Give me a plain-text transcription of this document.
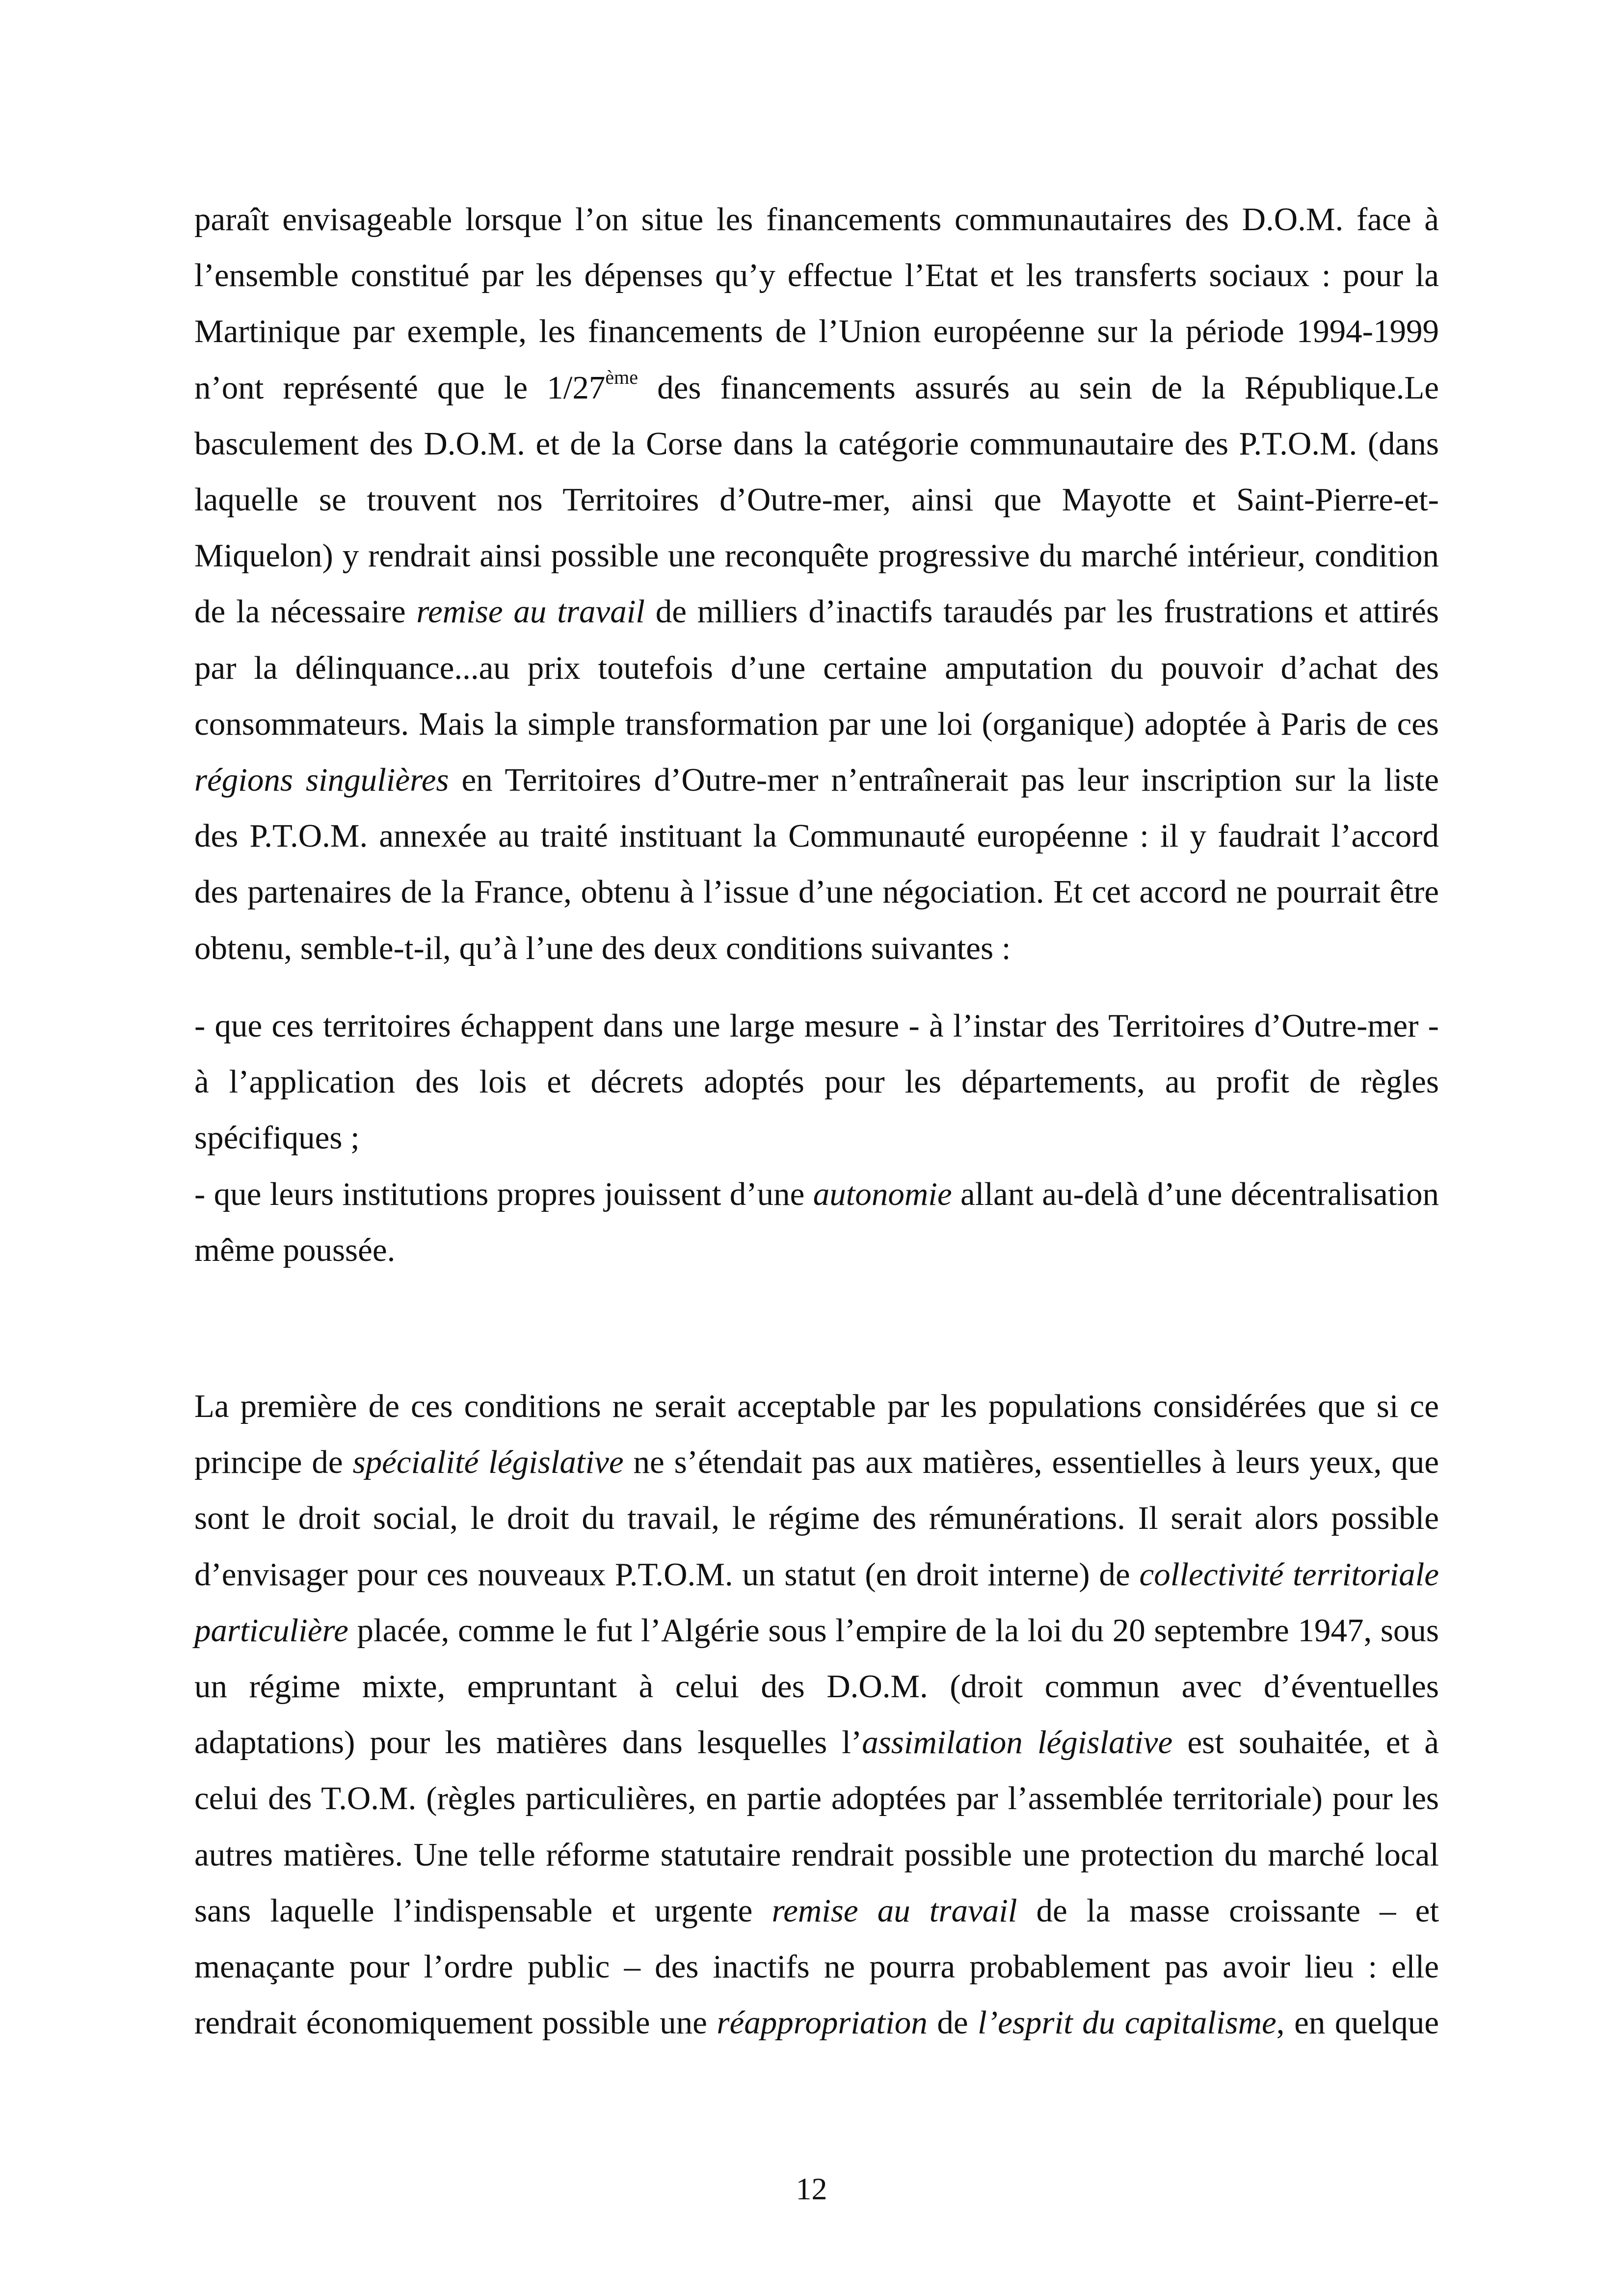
paraît envisageable lorsque l’on situe les financements communautaires des D.O.M. face à
l’ensemble constitué par les dépenses qu’y effectue l’Etat et les transferts sociaux : pour la
Martinique par exemple, les financements de l’Union européenne sur la période 1994-1999
n’ont représenté que le 1/27ème des financements assurés au sein de la République.Le
basculement des D.O.M. et de la Corse dans la catégorie communautaire des P.T.O.M. (dans
laquelle se trouvent nos Territoires d’Outre-mer, ainsi que Mayotte et Saint-Pierre-et-
Miquelon) y rendrait ainsi possible une reconquête progressive du marché intérieur, condition
de la nécessaire remise au travail de milliers d’inactifs taraudés par les frustrations et attirés
par la délinquance...au prix toutefois d’une certaine amputation du pouvoir d’achat des
consommateurs. Mais la simple transformation par une loi (organique) adoptée à Paris de ces
régions singulières en Territoires d’Outre-mer n’entraînerait pas leur inscription sur la liste
des P.T.O.M. annexée au traité instituant la Communauté européenne : il y faudrait l’accord
des partenaires de la France, obtenu à l’issue d’une négociation. Et cet accord ne pourrait être
obtenu, semble-t-il, qu’à l’une des deux conditions suivantes :
- que ces territoires échappent dans une large mesure - à l’instar des Territoires d’Outre-mer -
à l’application des lois et décrets adoptés pour les départements, au profit de règles
spécifiques ;
- que leurs institutions propres jouissent d’une autonomie allant au-delà d’une décentralisation
même poussée.
La première de ces conditions ne serait acceptable par les populations considérées que si ce
principe de spécialité législative ne s’étendait pas aux matières, essentielles à leurs yeux, que
sont le droit social, le droit du travail, le régime des rémunérations. Il serait alors possible
d’envisager pour ces nouveaux P.T.O.M. un statut (en droit interne) de collectivité territoriale
particulière placée, comme le fut l’Algérie sous l’empire de la loi du 20 septembre 1947, sous
un régime mixte, empruntant à celui des D.O.M. (droit commun avec d’éventuelles
adaptations) pour les matières dans lesquelles l’assimilation législative est souhaitée, et à
celui des T.O.M. (règles particulières, en partie adoptées par l’assemblée territoriale) pour les
autres matières. Une telle réforme statutaire rendrait possible une protection du marché local
sans laquelle l’indispensable et urgente remise au travail de la masse croissante – et
menaçante pour l’ordre public – des inactifs ne pourra probablement pas avoir lieu : elle
rendrait économiquement possible une réappropriation de l’esprit du capitalisme, en quelque
12
